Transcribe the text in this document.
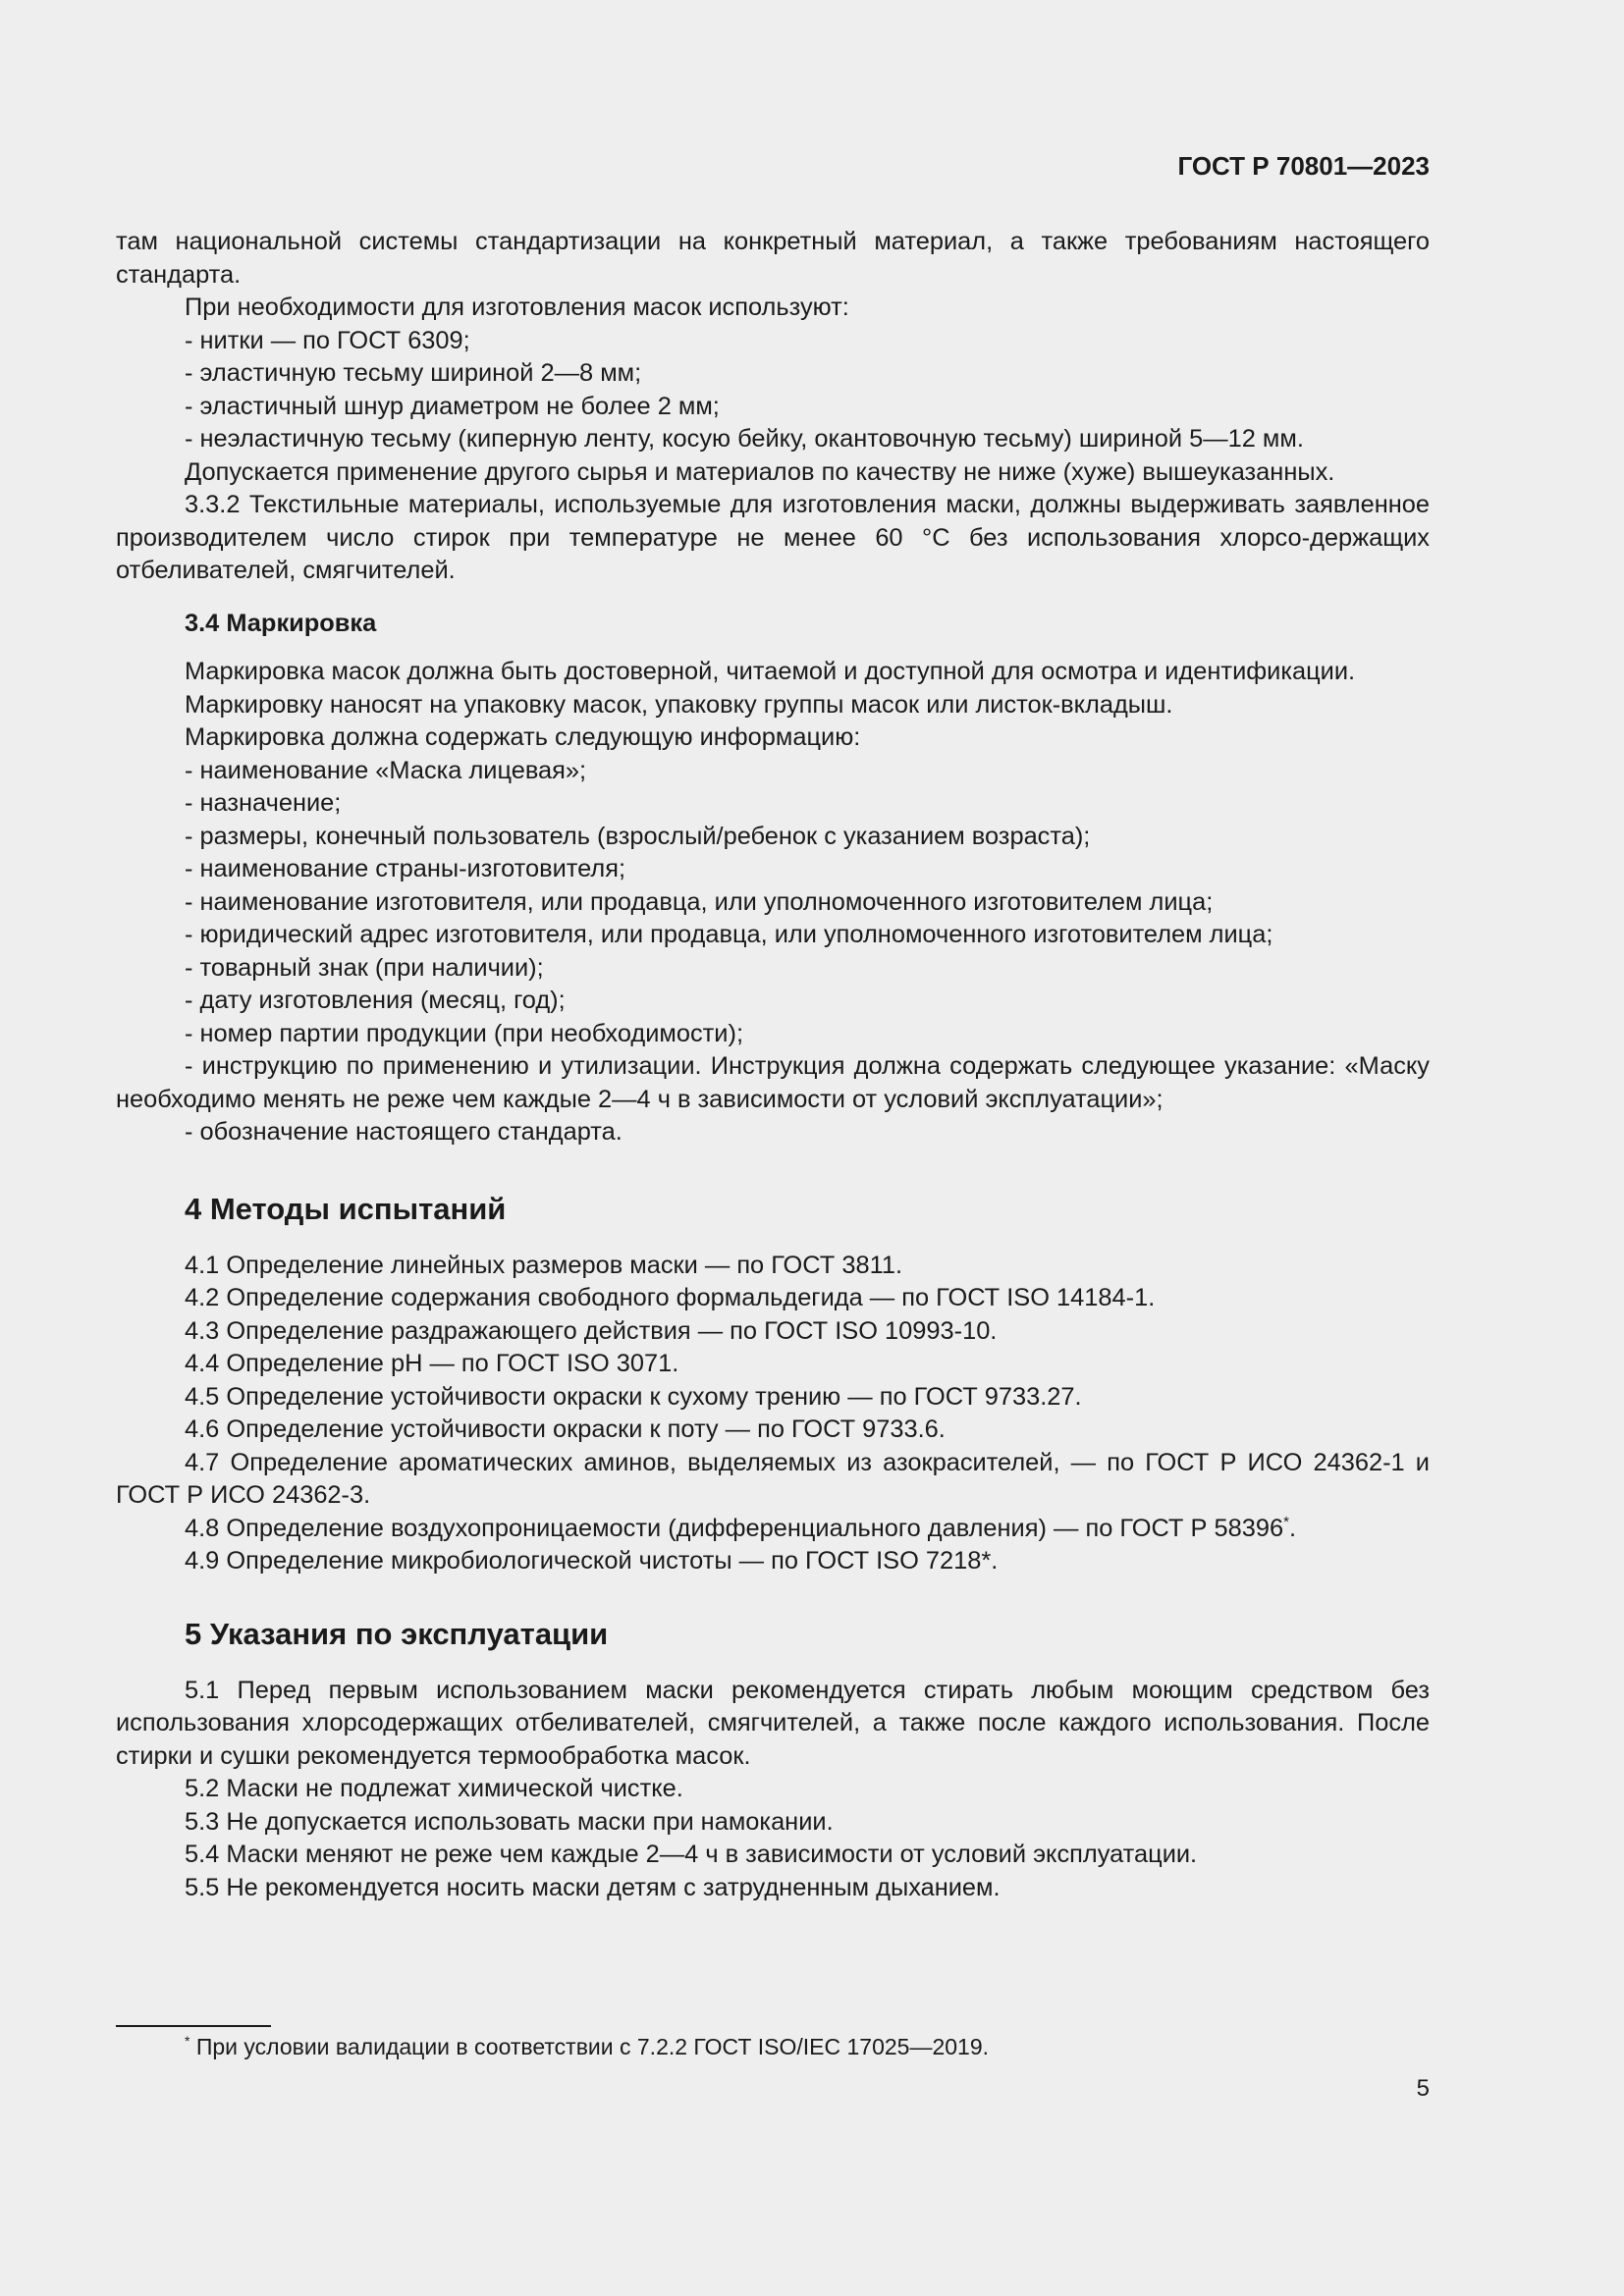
ГОСТ Р 70801—2023

там национальной системы стандартизации на конкретный материал, а также требованиям настоящего стандарта.

При необходимости для изготовления масок используют:

- нитки — по ГОСТ 6309;

- эластичную тесьму шириной 2—8 мм;

- эластичный шнур диаметром не более 2 мм;

- неэластичную тесьму (киперную ленту, косую бейку, окантовочную тесьму) шириной 5—12 мм.

Допускается применение другого сырья и материалов по качеству не ниже (хуже) вышеуказанных.

3.3.2 Текстильные материалы, используемые для изготовления маски, должны выдерживать заявленное производителем число стирок при температуре не менее 60 °С без использования хлорсо-держащих отбеливателей, смягчителей.

3.4 Маркировка

Маркировка масок должна быть достоверной, читаемой и доступной для осмотра и идентификации.

Маркировку наносят на упаковку масок, упаковку группы масок или листок-вкладыш.

Маркировка должна содержать следующую информацию:

- наименование «Маска лицевая»;

- назначение;

- размеры, конечный пользователь (взрослый/ребенок с указанием возраста);

- наименование страны-изготовителя;

- наименование изготовителя, или продавца, или уполномоченного изготовителем лица;

- юридический адрес изготовителя, или продавца, или уполномоченного изготовителем лица;

- товарный знак (при наличии);

- дату изготовления (месяц, год);

- номер партии продукции (при необходимости);

- инструкцию по применению и утилизации. Инструкция должна содержать следующее указание: «Маску необходимо менять не реже чем каждые 2—4 ч в зависимости от условий эксплуатации»;

- обозначение настоящего стандарта.

4 Методы испытаний

4.1 Определение линейных размеров маски — по ГОСТ 3811.

4.2 Определение содержания свободного формальдегида — по ГОСТ ISO 14184-1.

4.3 Определение раздражающего действия — по ГОСТ ISO 10993-10.

4.4 Определение рН — по ГОСТ ISO 3071.

4.5 Определение устойчивости окраски к сухому трению — по ГОСТ 9733.27.

4.6 Определение устойчивости окраски к поту — по ГОСТ 9733.6.

4.7 Определение ароматических аминов, выделяемых из азокрасителей, — по ГОСТ Р ИСО 24362-1 и ГОСТ Р ИСО 24362-3.

4.8 Определение воздухопроницаемости (дифференциального давления) — по ГОСТ Р 58396*.

4.9 Определение микробиологической чистоты — по ГОСТ ISO 7218*.

5 Указания по эксплуатации

5.1 Перед первым использованием маски рекомендуется стирать любым моющим средством без использования хлорсодержащих отбеливателей, смягчителей, а также после каждого использования. После стирки и сушки рекомендуется термообработка масок.

5.2 Маски не подлежат химической чистке.

5.3 Не допускается использовать маски при намокании.

5.4 Маски меняют не реже чем каждые 2—4 ч в зависимости от условий эксплуатации.

5.5 Не рекомендуется носить маски детям с затрудненным дыханием.

* При условии валидации в соответствии с 7.2.2 ГОСТ ISO/IEC 17025—2019.
5
